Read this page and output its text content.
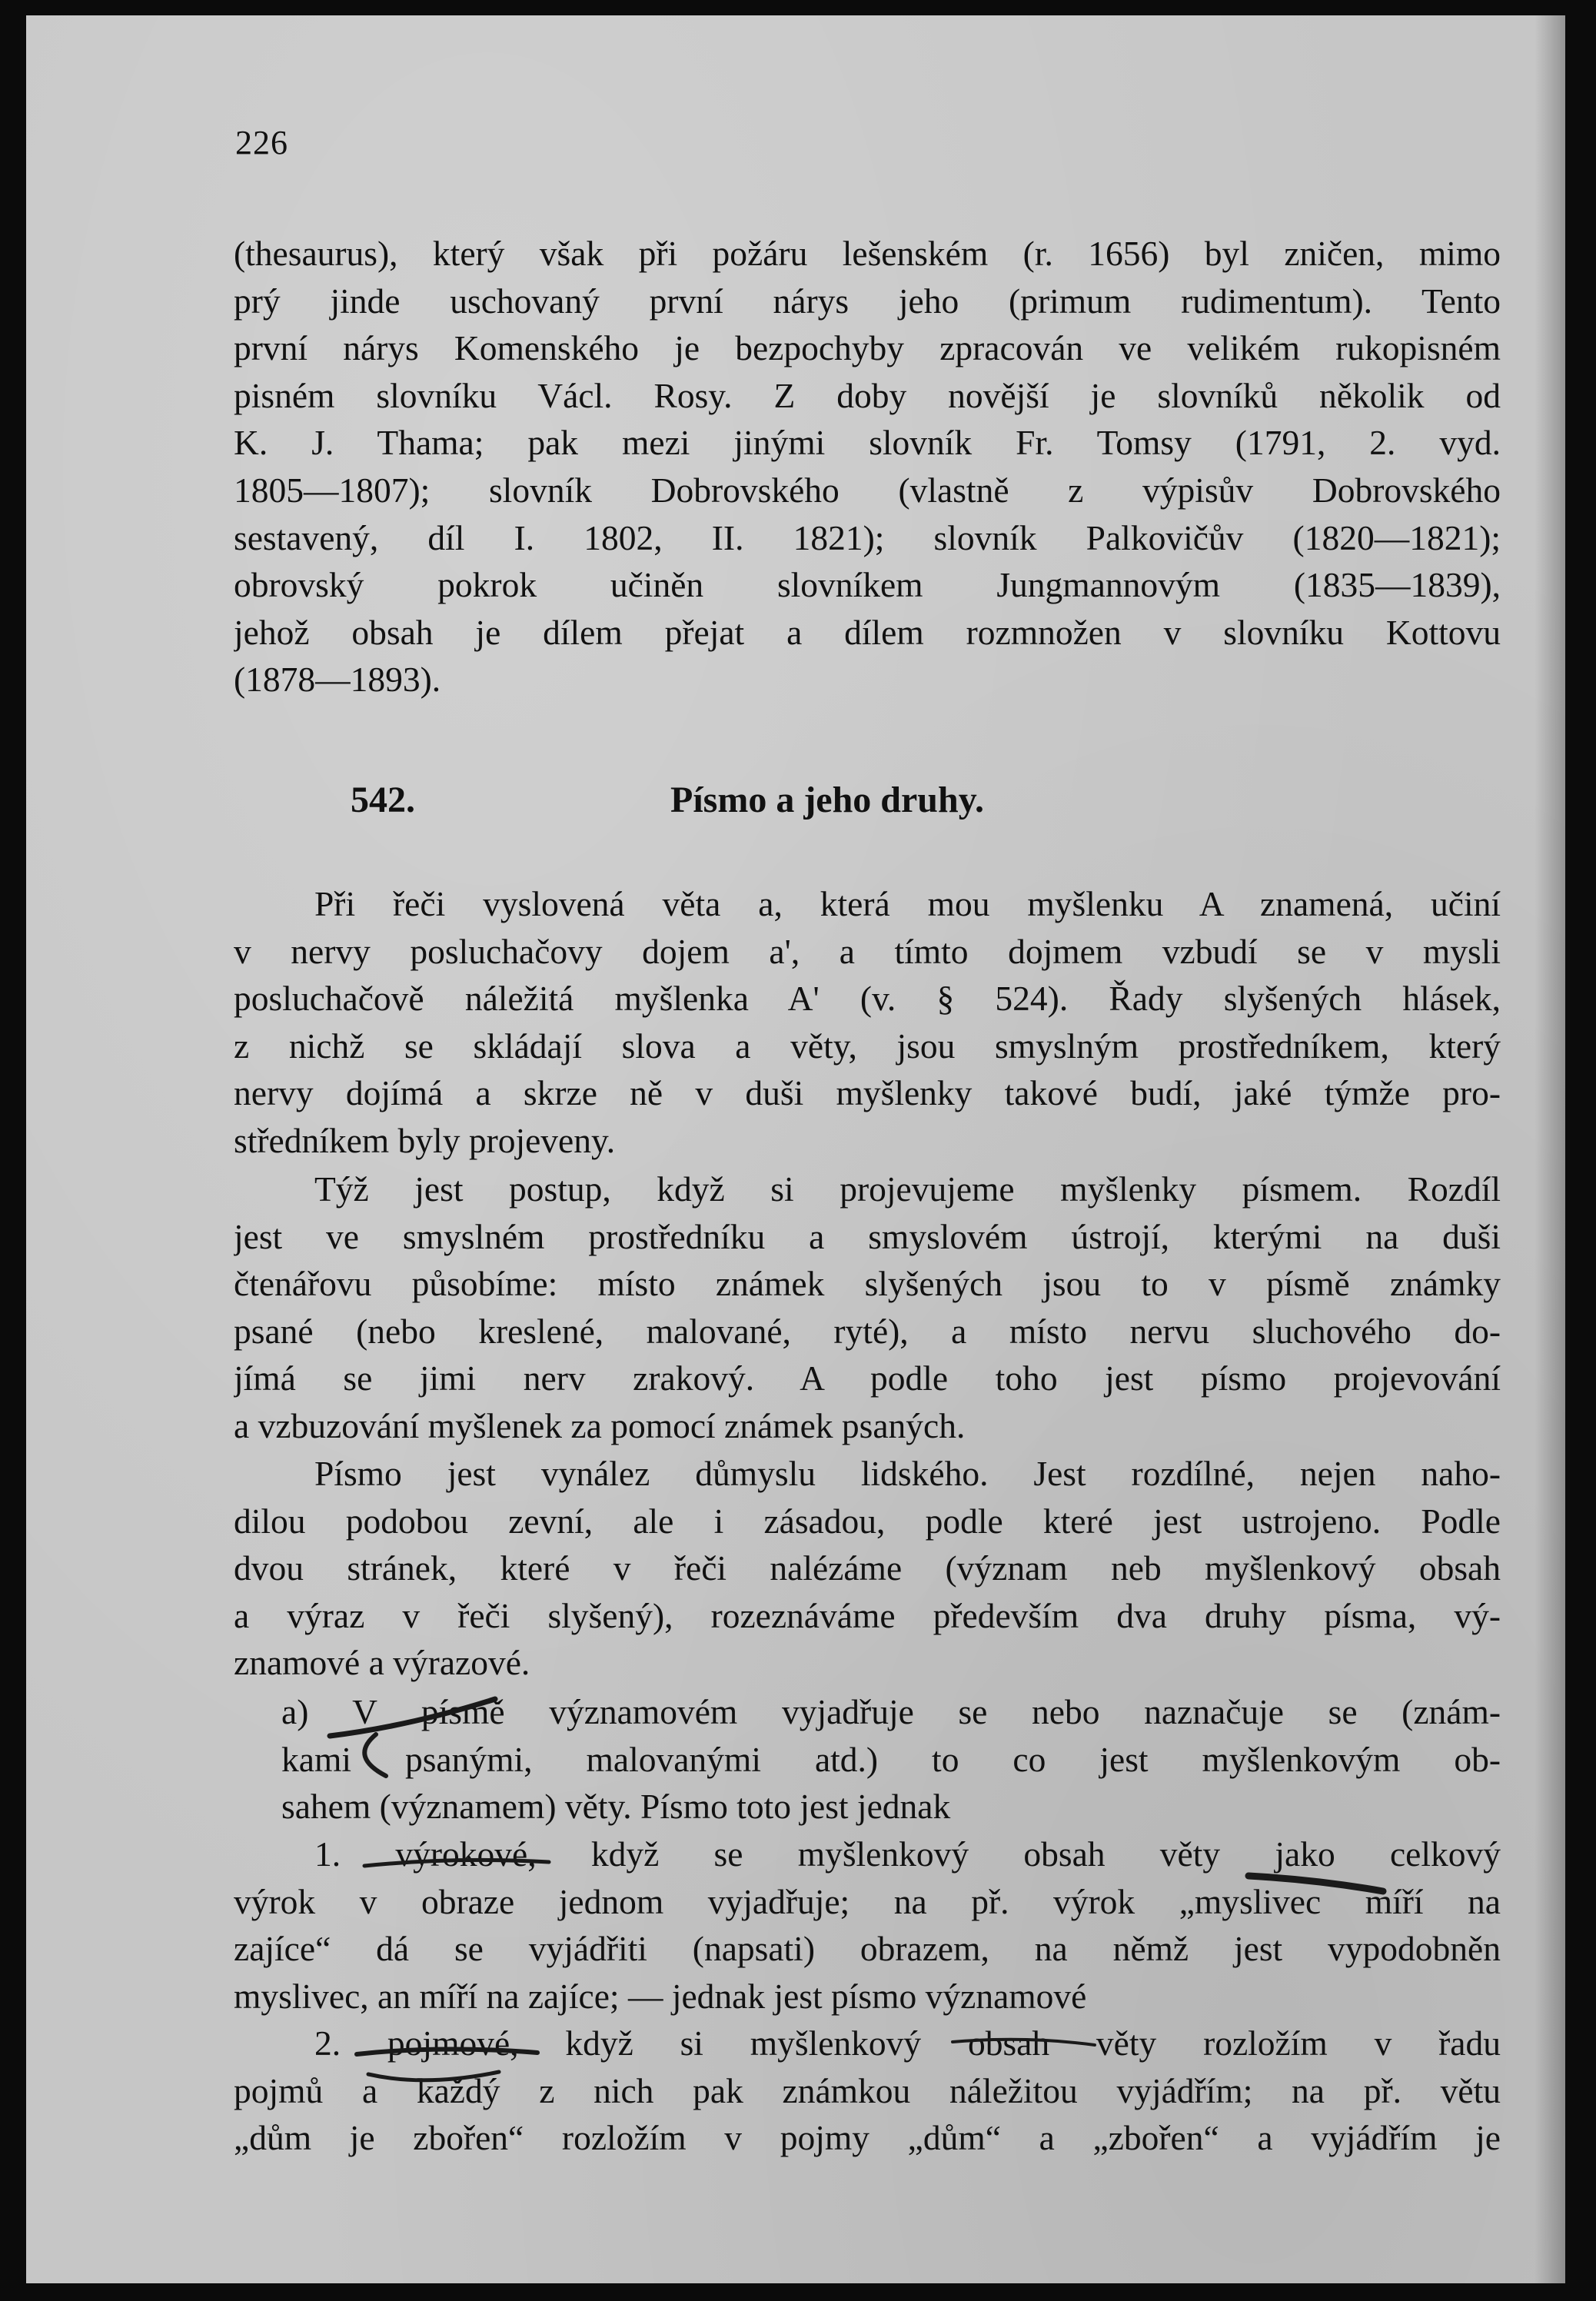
226
(thesaurus), který však při požáru lešenském (r. 1656) byl zničen, mimo
prý jinde uschovaný první nárys jeho (primum rudimentum). Tento
první nárys Komenského je bezpochyby zpracován ve velikém rukopisném
pisném slovníku Václ. Rosy. Z doby novější je slovníků několik od
K. J. Thama; pak mezi jinými slovník Fr. Tomsy (1791, 2. vyd.
1805—1807); slovník Dobrovského (vlastně z výpisův Dobrovského
sestavený, díl I. 1802, II. 1821); slovník Palkovičův (1820—1821);
obrovský pokrok učiněn slovníkem Jungmannovým (1835—1839),
jehož obsah je dílem přejat a dílem rozmnožen v slovníku Kottovu
(1878—1893).
542.	Písmo a jeho druhy.
Při řeči vyslovená věta a, která mou myšlenku A znamená, učiní
v nervy posluchačovy dojem a', a tímto dojmem vzbudí se v mysli
posluchačově náležitá myšlenka A' (v. § 524). Řady slyšených hlásek,
z nichž se skládají slova a věty, jsou smyslným prostředníkem, který
nervy dojímá a skrze ně v duši myšlenky takové budí, jaké týmže pro-
středníkem byly projeveny.
Týž jest postup, když si projevujeme myšlenky písmem. Rozdíl
jest ve smyslném prostředníku a smyslovém ústrojí, kterými na duši
čtenářovu působíme: místo známek slyšených jsou to v písmě známky
psané (nebo kreslené, malované, ryté), a místo nervu sluchového do-
jímá se jimi nerv zrakový. A podle toho jest písmo projevování
a vzbuzování myšlenek za pomocí známek psaných.
Písmo jest vynález důmyslu lidského. Jest rozdílné, nejen naho-
dilou podobou zevní, ale i zásadou, podle které jest ustrojeno. Podle
dvou stránek, které v řeči nalézáme (význam neb myšlenkový obsah
a výraz v řeči slyšený), rozeznáváme především dva druhy písma, vý-
znamové a výrazové.
a) V písmě významovém vyjadřuje se nebo naznačuje se (znám-
kami psanými, malovanými atd.) to co jest myšlenkovým ob-
sahem (významem) věty. Písmo toto jest jednak
1. výrokové, když se myšlenkový obsah věty jako celkový
výrok v obraze jednom vyjadřuje; na př. výrok „myslivec míří na
zajíce“ dá se vyjádřiti (napsati) obrazem, na němž jest vypodobněn
myslivec, an míří na zajíce; — jednak jest písmo významové
2. pojmové, když si myšlenkový obsah věty rozložím v řadu
pojmů a každý z nich pak známkou náležitou vyjádřím; na př. větu
„dům je zbořen“ rozložím v pojmy „dům“ a „zbořen“ a vyjádřím je
